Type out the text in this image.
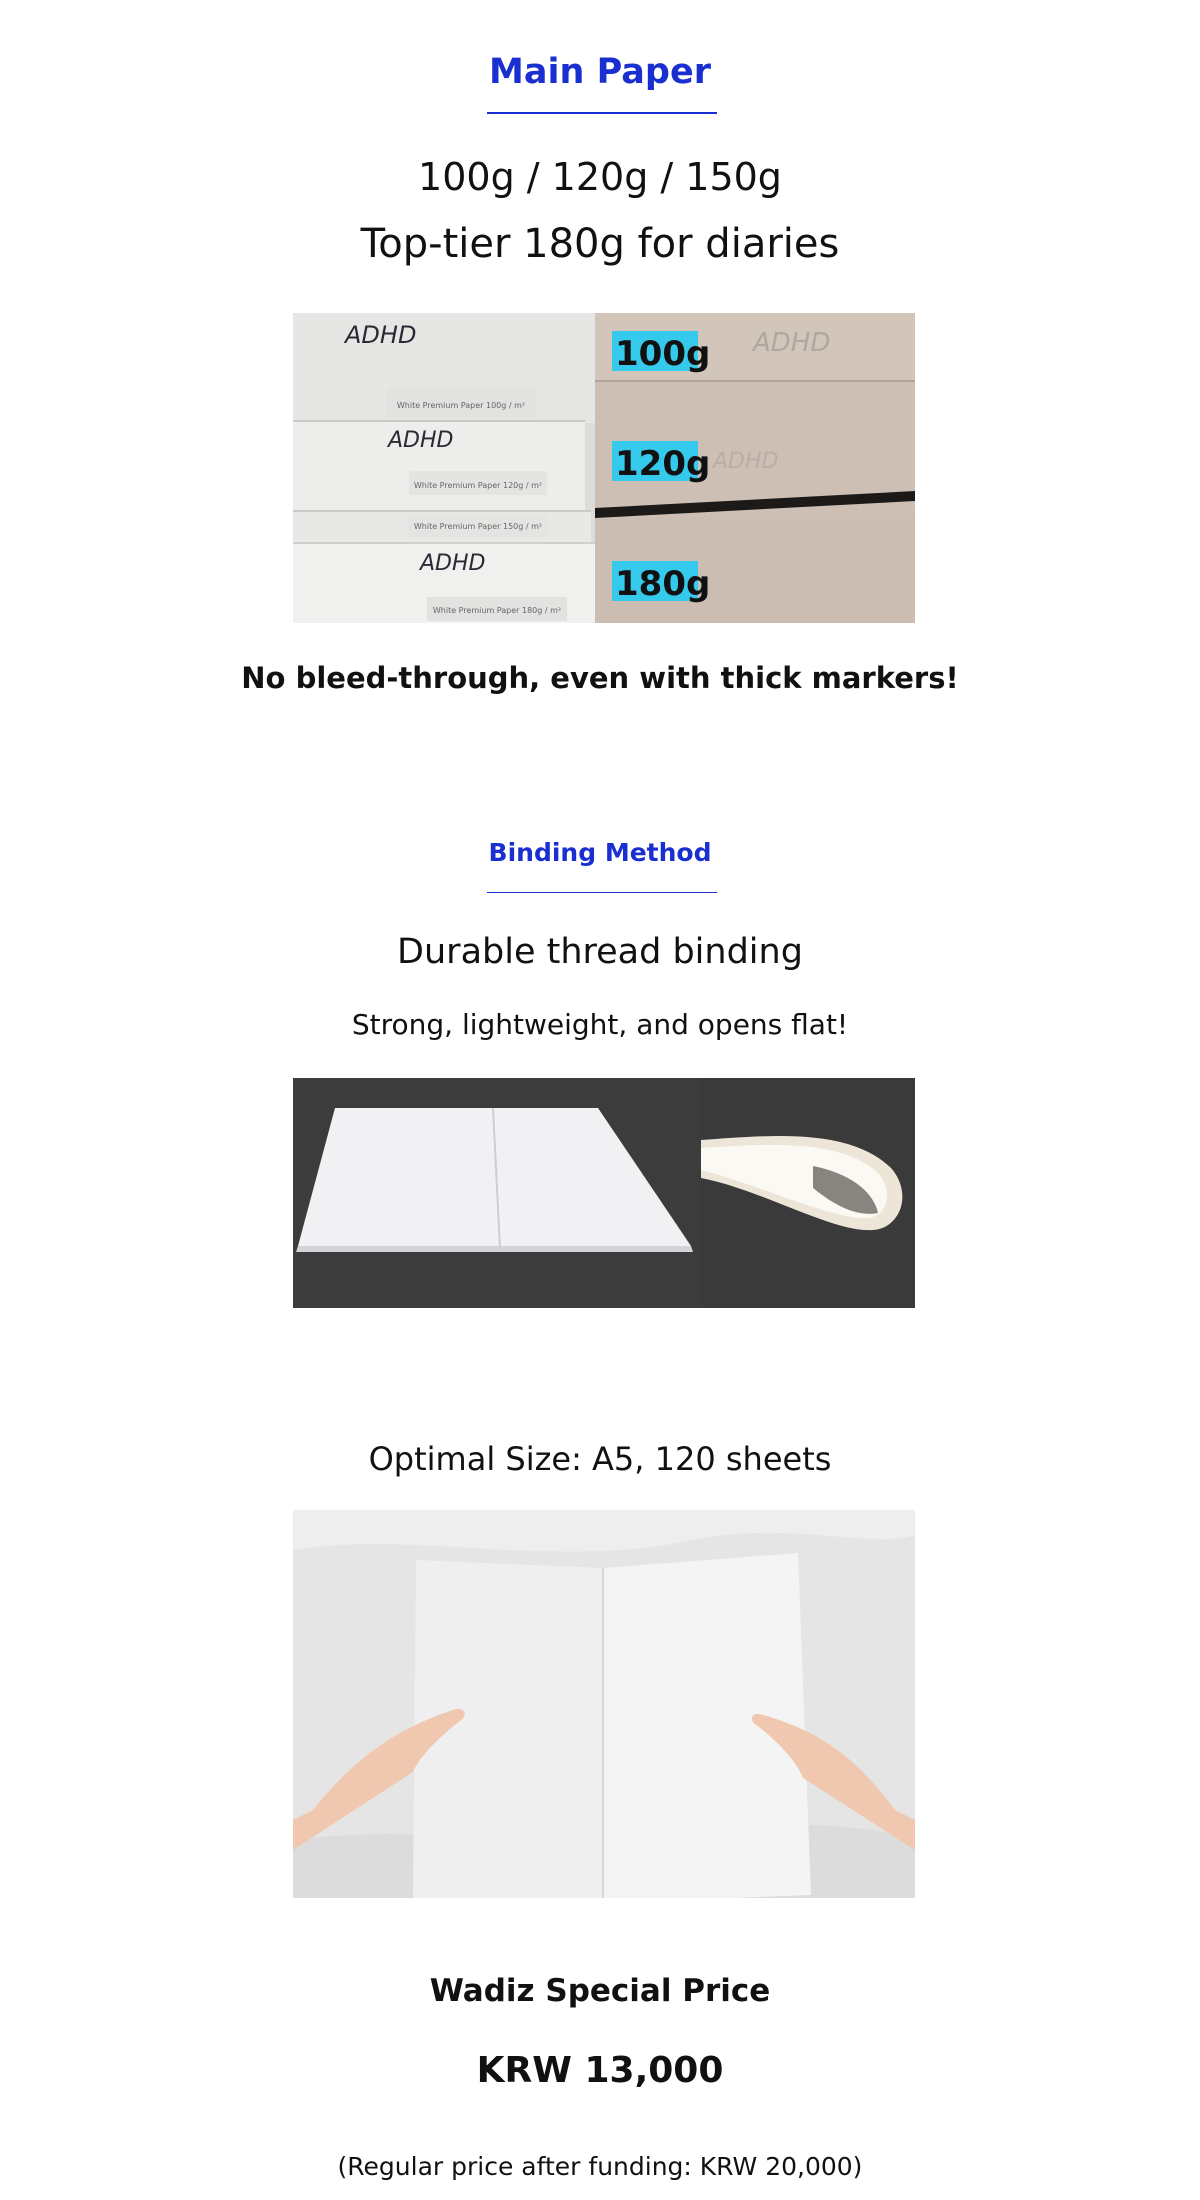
Main Paper
100g / 120g / 150g
Top-tier 180g for diaries
ADHD
ADHD
ADHD
White Premium Paper 100g / m²
White Premium Paper 120g / m²
White Premium Paper 150g / m²
White Premium Paper 180g / m²
ADHD
ADHD
100g
120g
180g
No bleed-through, even with thick markers!
Binding Method
Durable thread binding
Strong, lightweight, and opens flat!
Optimal Size: A5, 120 sheets
Wadiz Special Price
KRW 13,000
(Regular price after funding: KRW 20,000)
